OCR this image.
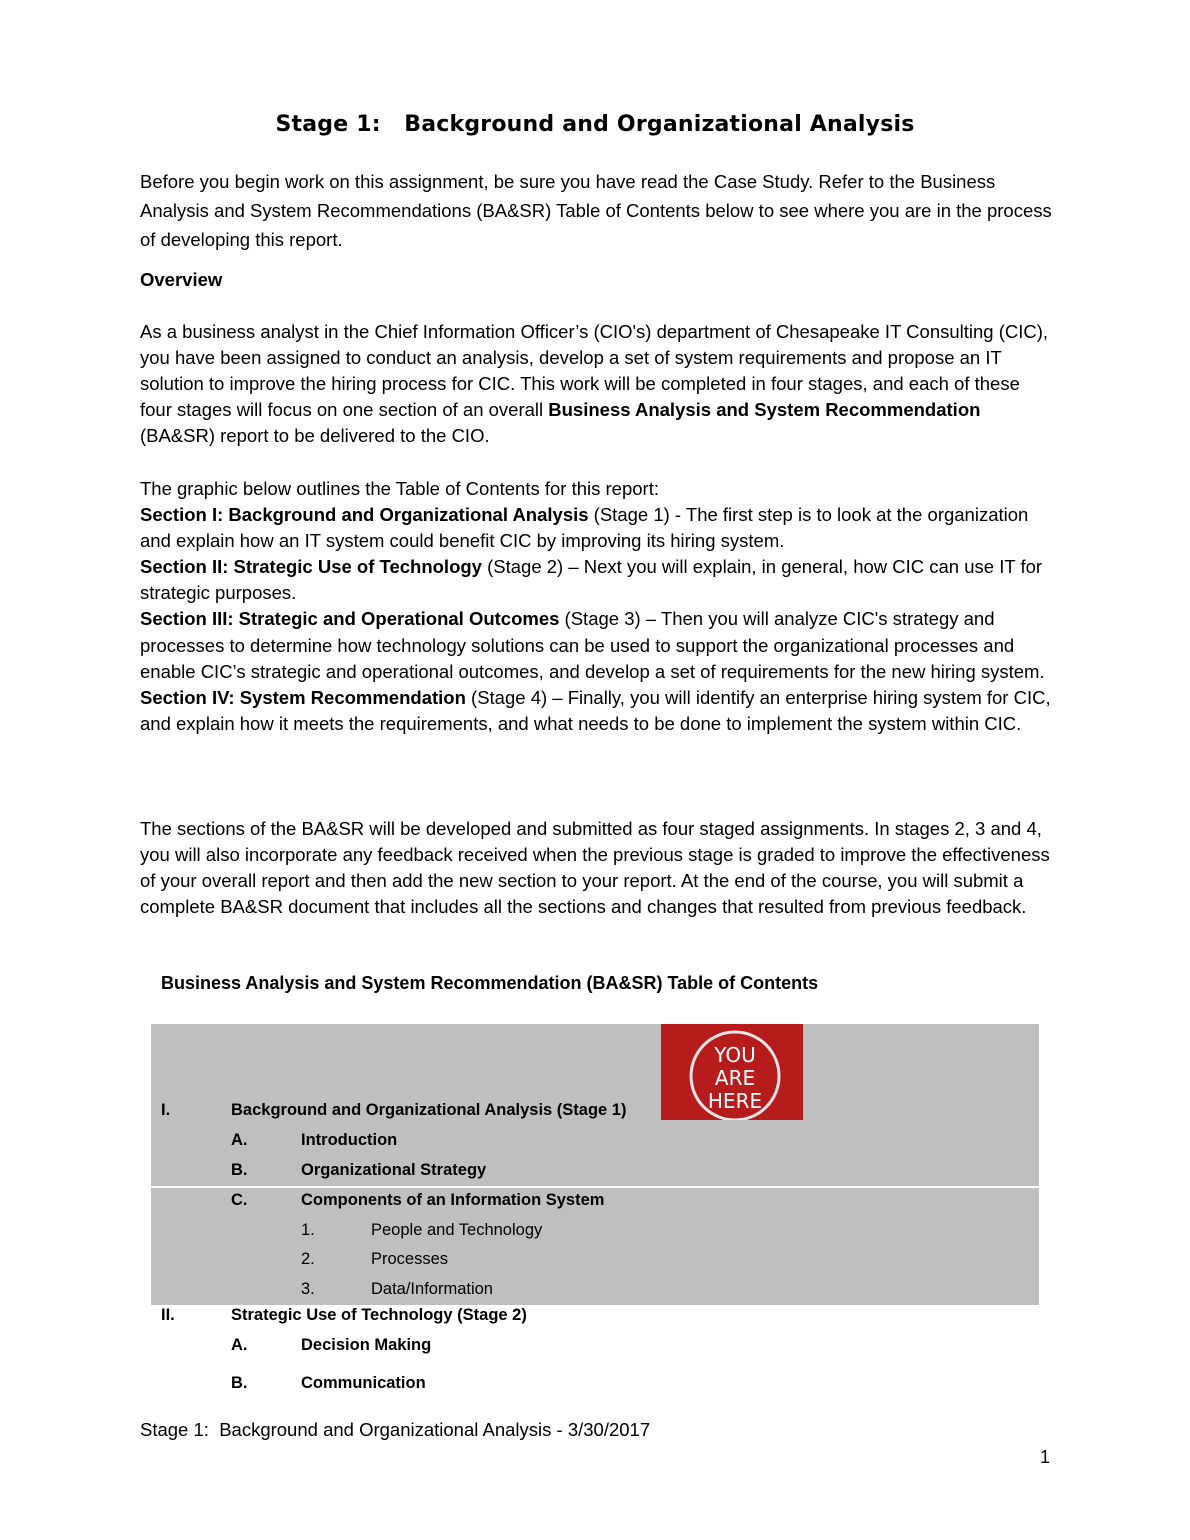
Stage 1:   Background and Organizational Analysis
Before you begin work on this assignment, be sure you have read the Case Study. Refer to the Business Analysis and System Recommendations (BA&SR) Table of Contents below to see where you are in the process of developing this report.
Overview
As a business analyst in the Chief Information Officer’s (CIO's) department of Chesapeake IT Consulting (CIC), you have been assigned to conduct an analysis, develop a set of system requirements and propose an IT solution to improve the hiring process for CIC. This work will be completed in four stages, and each of these four stages will focus on one section of an overall Business Analysis and System Recommendation (BA&SR) report to be delivered to the CIO.
The graphic below outlines the Table of Contents for this report:
Section I: Background and Organizational Analysis (Stage 1) - The first step is to look at the organization and explain how an IT system could benefit CIC by improving its hiring system.
Section II: Strategic Use of Technology (Stage 2) – Next you will explain, in general, how CIC can use IT for strategic purposes.
Section III: Strategic and Operational Outcomes (Stage 3) – Then you will analyze CIC's strategy and processes to determine how technology solutions can be used to support the organizational processes and enable CIC’s strategic and operational outcomes, and develop a set of requirements for the new hiring system.
Section IV: System Recommendation (Stage 4) – Finally, you will identify an enterprise hiring system for CIC, and explain how it meets the requirements, and what needs to be done to implement the system within CIC.
The sections of the BA&SR will be developed and submitted as four staged assignments. In stages 2, 3 and 4, you will also incorporate any feedback received when the previous stage is graded to improve the effectiveness of your overall report and then add the new section to your report. At the end of the course, you will submit a complete BA&SR document that includes all the sections and changes that resulted from previous feedback.
Business Analysis and System Recommendation (BA&SR) Table of Contents
YOU
ARE
HERE
I.	Background and Organizational Analysis (Stage 1)
A.	Introduction
B.	Organizational Strategy
C.	Components of an Information System
1.	People and Technology
2.	Processes
3.	Data/Information
II.	Strategic Use of Technology (Stage 2)
A.	Decision Making
B.	Communication
Stage 1:  Background and Organizational Analysis - 3/30/2017
1
